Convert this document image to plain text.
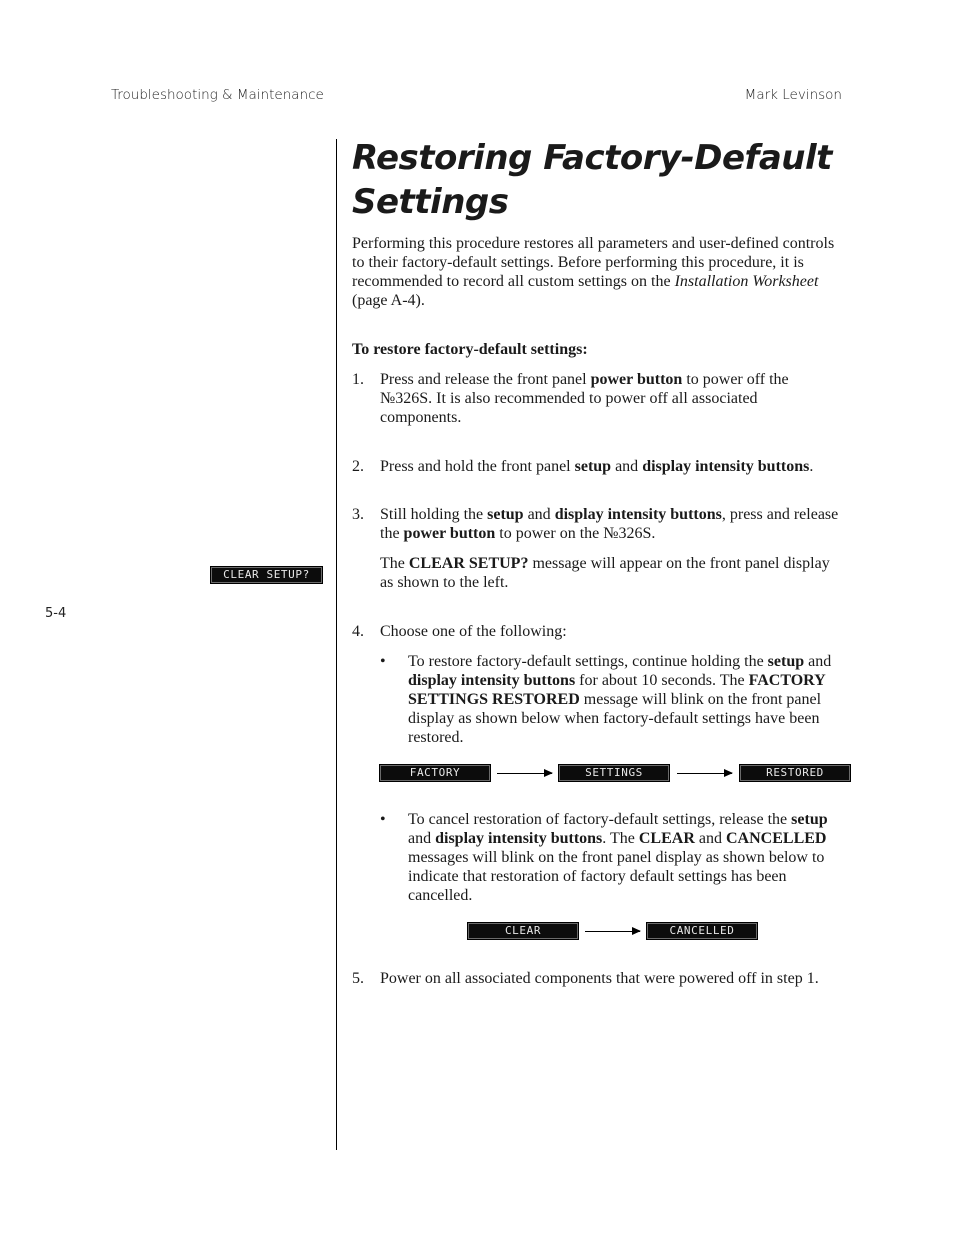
Troubleshooting & Maintenance	Mark Levinson
5-4
CLEAR SETUP?
Restoring Factory-Default Settings

Performing this procedure restores all parameters and user-defined controls to their factory-default settings. Before performing this procedure, it is recommended to record all custom settings on the Installation Worksheet (page A-4).

To restore factory-default settings:

1.	Press and release the front panel power button to power off the №326S. It is also recommended to power off all associated components.
2.	Press and hold the front panel setup and display intensity buttons.
3.	Still holding the setup and display intensity buttons, press and release the power button to power on the №326S.

The CLEAR SETUP? message will appear on the front panel display as shown to the left.

4.	Choose one of the following:

•	To restore factory-default settings, continue holding the setup and display intensity buttons for about 10 seconds. The FACTORY SETTINGS RESTORED message will blink on the front panel display as shown below when factory-default settings have been restored.
FACTORY	SETTINGS	RESTORED
•	To cancel restoration of factory-default settings, release the setup and display intensity buttons. The CLEAR and CANCELLED messages will blink on the front panel display as shown below to indicate that restoration of factory default settings has been cancelled.
CLEAR	CANCELLED
5.	Power on all associated components that were powered off in step 1.
